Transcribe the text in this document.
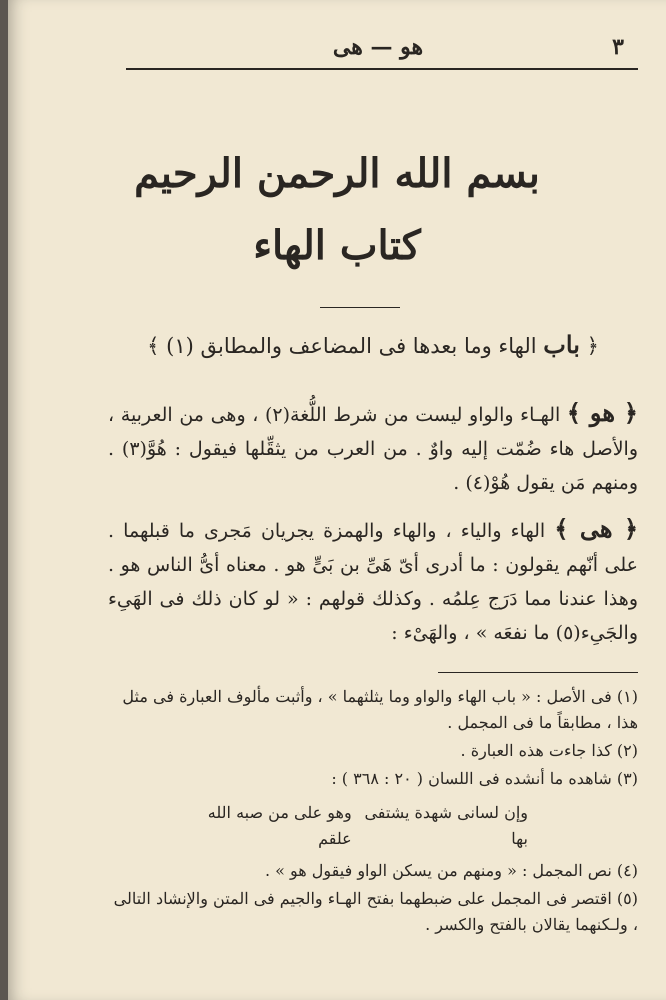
٣
هو — هى
بسم الله الرحمن الرحيم
كتاب الهاء
﴿ باب الهاء وما بعدها فى المضاعف والمطابق (١) ﴾

﴿ هو ﴾ الهـاء والواو ليست من شرط اللُّغة(٢) ، وهى من العربية ، والأصل هاء ضُمّت إليه واوٌ . من العرب من يثقِّلها فيقول : هُوَّ(٣) . ومنهم مَن يقول هُوْ(٤) .

﴿ هى ﴾ الهاء والياء ، والهاء والهمزة يجريان مَجرى ما قبلهما . على أنّهم يقولون : ما أدرى أىّ هَىِّ بن بَىٍّ هو . معناه أىُّ الناس هو . وهذا عندنا مما دَرَج عِلمُه . وكذلك قولهم : « لو كان ذلك فى الهَىِء والجَىِء(٥) ما نفعَه » ، والهَىْء :

(١) فى الأصل : « باب الهاء والواو وما يثلثهما » ، وأثبت مألوف العبارة فى مثل هذا ، مطابقاً ما فى المجمل .

(٢) كذا جاءت هذه العبارة .

(٣) شاهده ما أنشده فى اللسان ( ٢٠ : ٣٦٨ ) :

وإن لسانى شهدة يشتفى بها
وهو على من صبه الله علقم

(٤) نص المجمل : « ومنهم من يسكن الواو فيقول هو » .

(٥) اقتصر فى المجمل على ضبطهما بفتح الهـاء والجيم فى المتن والإنشاد التالى ، ولـكنهما يقالان بالفتح والكسر .
